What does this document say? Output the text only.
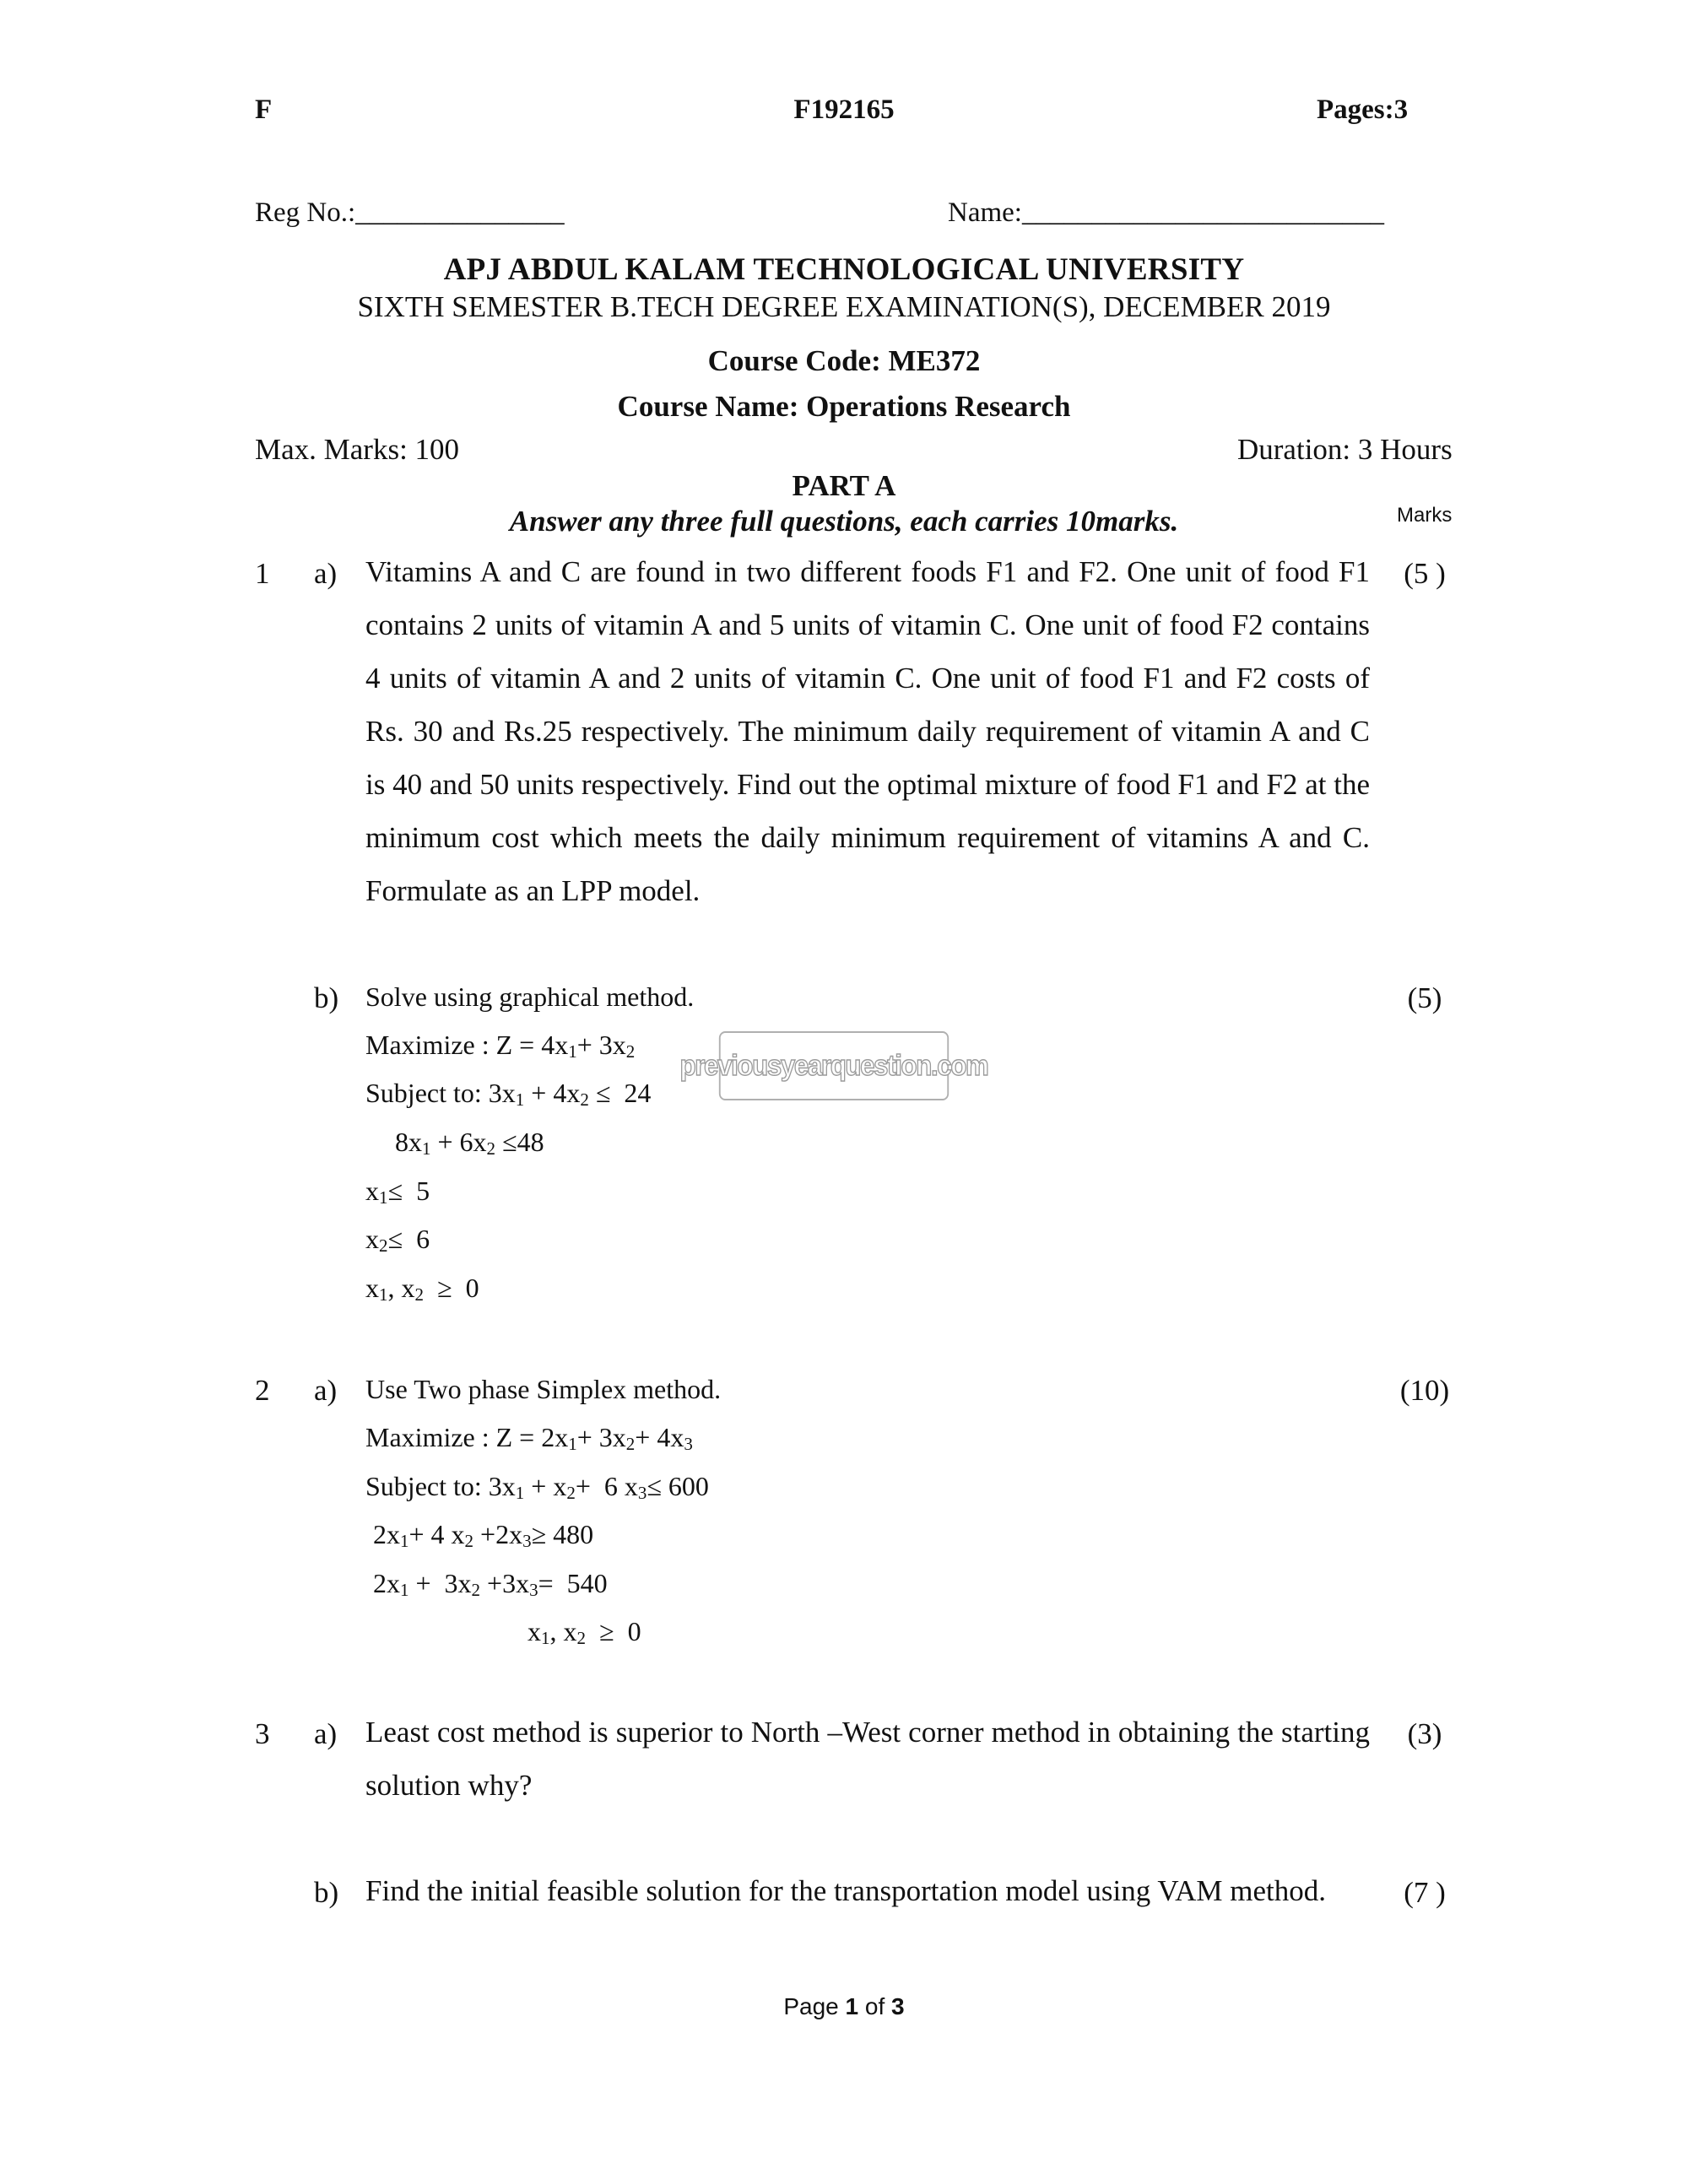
F	F192165	Pages:3
Reg No.:_______________	Name:__________________________
APJ ABDUL KALAM TECHNOLOGICAL UNIVERSITY
SIXTH SEMESTER B.TECH DEGREE EXAMINATION(S), DECEMBER 2019
Course Code: ME372
Course Name: Operations Research
Max. Marks: 100	Duration: 3 Hours
PART A
Answer any three full questions, each carries 10marks.	Marks
1 a)	(5 )

Vitamins A and C are found in two different foods F1 and F2. One unit of food F1 contains 2 units of vitamin A and 5 units of vitamin C. One unit of food F2 contains 4 units of vitamin A and 2 units of vitamin C. One unit of food F1 and F2 costs of Rs. 30 and Rs.25 respectively. The minimum daily requirement of vitamin A and C is 40 and 50 units respectively. Find out the optimal mixture of food F1 and F2 at the minimum cost which meets the daily minimum requirement of vitamins A and C. Formulate as an LPP model.

b)	(5)
Solve using graphical method.
Maximize : $Z = 4x_1+ 3x_2$
Subject to: $3x_1 + 4x_2 \le 24$
$8x_1 + 6x_2 \le 48$
$x_1\le 5$
$x_2\le 6$
$x_1$, $x_2 \ge 0$
previousyearquestion.com
2 a)	(10)
Use Two phase Simplex method.
Maximize : $Z = 2x_1+ 3x_2+ 4x_3$
Subject to: $3x_1 + x_2+ 6$ $x_3\le 600$
$2x_1+ 4$ $x_2 +2x_3\ge 480$
$2x_1 + 3x_2 +3x_3= 540$
$x_1$, $x_2 \ge 0$
3 a)	(3)

Least cost method is superior to North –West corner method in obtaining the starting solution why?

b)	(7 )

Find the initial feasible solution for the transportation model using VAM method.

Page 1 of 3
